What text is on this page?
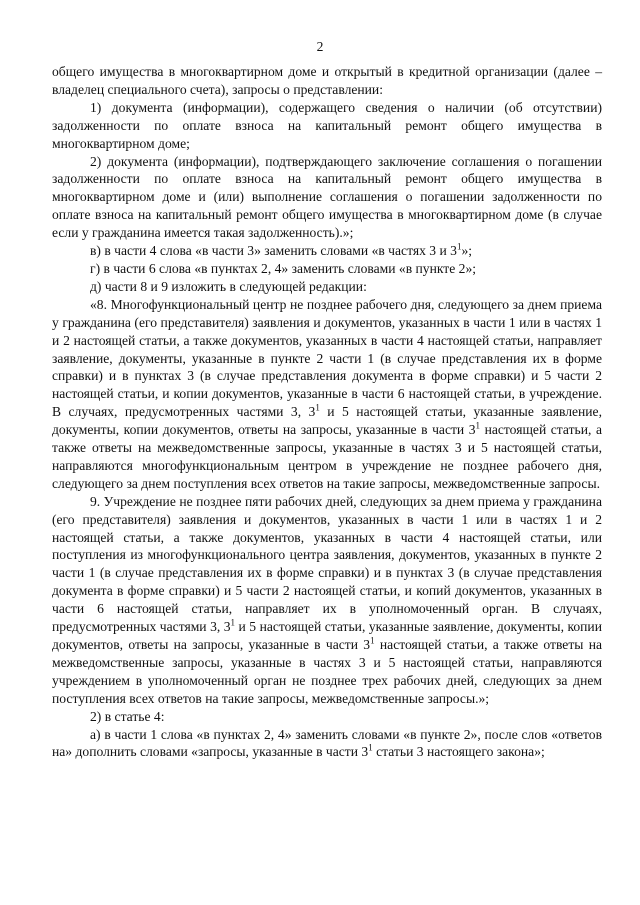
2

общего имущества в многоквартирном доме и открытый в кредитной организации (далее – владелец специального счета), запросы о представлении:

1) документа (информации), содержащего сведения о наличии (об отсутствии) задолженности по оплате взноса на капитальный ремонт общего имущества в многоквартирном доме;

2) документа (информации), подтверждающего заключение соглашения о погашении задолженности по оплате взноса на капитальный ремонт общего имущества в многоквартирном доме и (или) выполнение соглашения о погашении задолженности по оплате взноса на капитальный ремонт общего имущества в многоквартирном доме (в случае если у гражданина имеется такая задолженность).»;

в) в части 4 слова «в части 3» заменить словами «в частях 3 и $3^1$»;

г) в части 6 слова «в пунктах 2, 4» заменить словами «в пункте 2»;

д) части 8 и 9 изложить в следующей редакции:

«8. Многофункциональный центр не позднее рабочего дня, следующего за днем приема у гражданина (его представителя) заявления и документов, указанных в части 1 или в частях 1 и 2 настоящей статьи, а также документов, указанных в части 4 настоящей статьи, направляет заявление, документы, указанные в пункте 2 части 1 (в случае представления их в форме справки) и в пунктах 3 (в случае представления документа в форме справки) и 5 части 2 настоящей статьи, и копии документов, указанные в части 6 настоящей статьи, в учреждение. В случаях, предусмотренных частями 3, $3^1$ и 5 настоящей статьи, указанные заявление, документы, копии документов, ответы на запросы, указанные в части $3^1$ настоящей статьи, а также ответы на межведомственные запросы, указанные в частях 3 и 5 настоящей статьи, направляются многофункциональным центром в учреждение не позднее рабочего дня, следующего за днем поступления всех ответов на такие запросы, межведомственные запросы.

9. Учреждение не позднее пяти рабочих дней, следующих за днем приема у гражданина (его представителя) заявления и документов, указанных в части 1 или в частях 1 и 2 настоящей статьи, а также документов, указанных в части 4 настоящей статьи, или поступления из многофункционального центра заявления, документов, указанных в пункте 2 части 1 (в случае представления их в форме справки) и в пунктах 3 (в случае представления документа в форме справки) и 5 части 2 настоящей статьи, и копий документов, указанных в части 6 настоящей статьи, направляет их в уполномоченный орган. В случаях, предусмотренных частями 3, $3^1$ и 5 настоящей статьи, указанные заявление, документы, копии документов, ответы на запросы, указанные в части $3^1$ настоящей статьи, а также ответы на межведомственные запросы, указанные в частях 3 и 5 настоящей статьи, направляются учреждением в уполномоченный орган не позднее трех рабочих дней, следующих за днем поступления всех ответов на такие запросы, межведомственные запросы.»;

2) в статье 4:

а) в части 1 слова «в пунктах 2, 4» заменить словами «в пункте 2», после слов «ответов на» дополнить словами «запросы, указанные в части $3^1$ статьи 3 настоящего закона»;
